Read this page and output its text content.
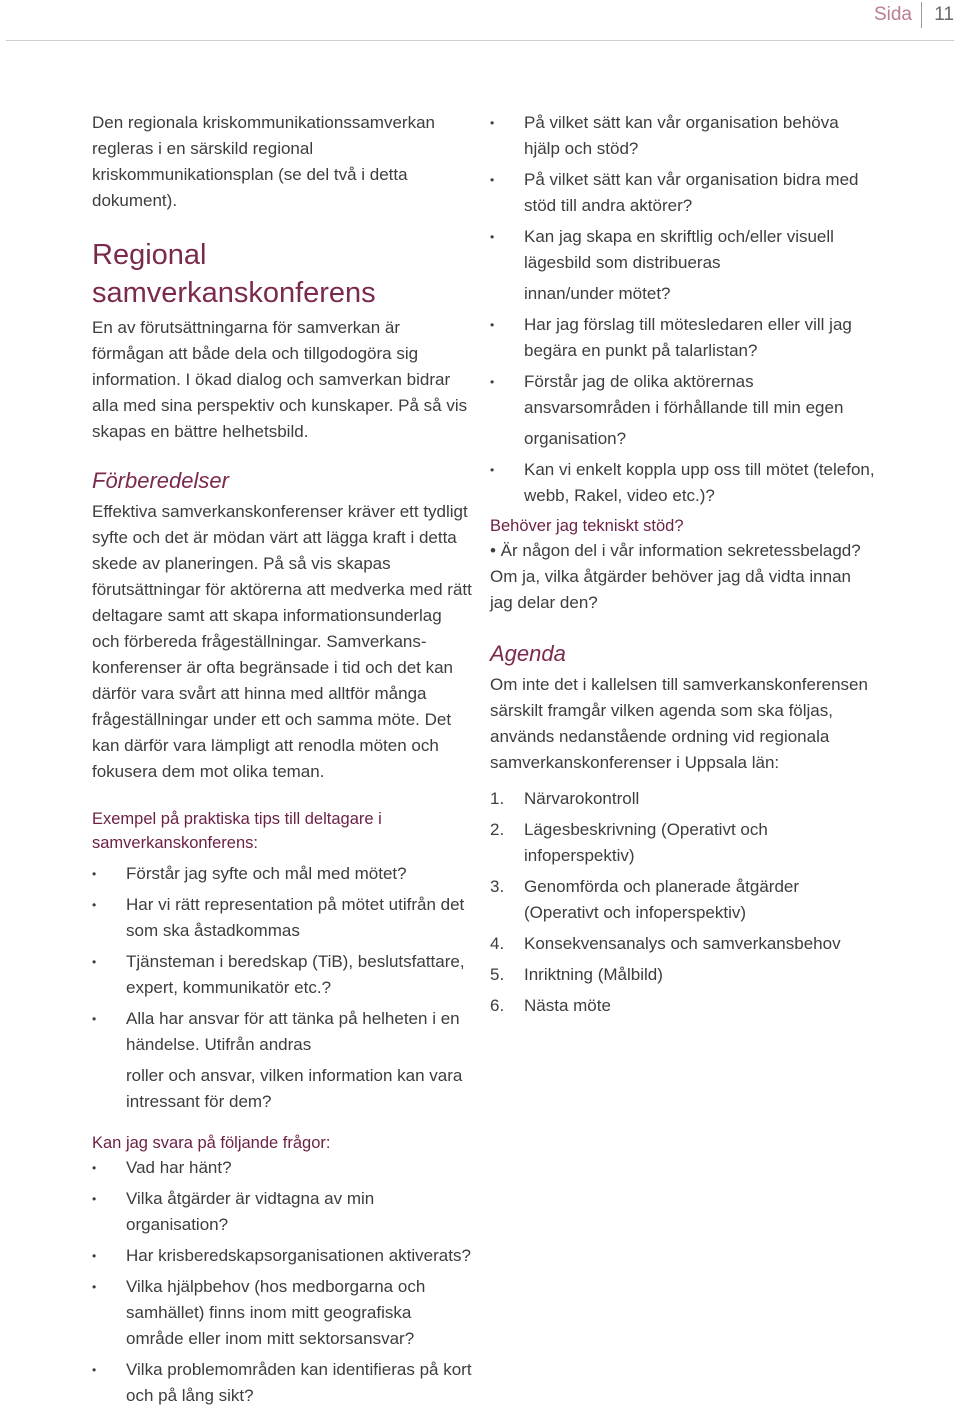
Sida 11

Den regionala kriskommunikationssamverkan regleras i en särskild regional kriskommunikationsplan (se del två i detta dokument).

Regional samverkanskonferens

En av förutsättningarna för samverkan är förmågan att både dela och tillgodogöra sig information. I ökad dialog och samverkan bidrar alla med sina perspektiv och kunskaper. På så vis skapas en bättre helhetsbild.

Förberedelser

Effektiva samverkanskonferenser kräver ett tydligt syfte och det är mödan värt att lägga kraft i detta skede av planeringen. På så vis skapas förutsättningar för aktörerna att medverka med rätt deltagare samt att skapa informationsunderlag och förbereda frågeställningar. Samverkans-konferenser är ofta begränsade i tid och det kan därför vara svårt att hinna med alltför många frågeställningar under ett och samma möte. Det kan därför vara lämpligt att renodla möten och fokusera dem mot olika teman.

Exempel på praktiska tips till deltagare i samverkanskonferens:
• Förstår jag syfte och mål med mötet?
• Har vi rätt representation på mötet utifrån det som ska åstadkommas
• Tjänsteman i beredskap (TiB), beslutsfattare, expert, kommunikatör etc.?
• Alla har ansvar för att tänka på helheten i en händelse. Utifrån andras
roller och ansvar, vilken information kan vara intressant för dem?
Kan jag svara på följande frågor:
• Vad har hänt?
• Vilka åtgärder är vidtagna av min organisation?
• Har krisberedskapsorganisationen aktiverats?
• Vilka hjälpbehov (hos medborgarna och samhället) finns inom mitt geografiska område eller inom mitt sektorsansvar?
• Vilka problemområden kan identifieras på kort och på lång sikt?
• På vilket sätt kan vår organisation behöva hjälp och stöd?
• På vilket sätt kan vår organisation bidra med stöd till andra aktörer?
• Kan jag skapa en skriftlig och/eller visuell lägesbild som distribueras
innan/under mötet?
• Har jag förslag till mötesledaren eller vill jag begära en punkt på talarlistan?
• Förstår jag de olika aktörernas ansvarsområden i förhållande till min egen
organisation?
• Kan vi enkelt koppla upp oss till mötet (telefon, webb, Rakel, video etc.)?
Behöver jag tekniskt stöd?

• Är någon del i vår information sekretessbelagd? Om ja, vilka åtgärder behöver jag då vidta innan jag delar den?

Agenda

Om inte det i kallelsen till samverkanskonferensen särskilt framgår vilken agenda som ska följas, används nedanstående ordning vid regionala samverkanskonferenser i Uppsala län:

1. Närvarokontroll
2. Lägesbeskrivning (Operativt och infoperspektiv)
3. Genomförda och planerade åtgärder (Operativt och infoperspektiv)
4. Konsekvensanalys och samverkansbehov
5. Inriktning (Målbild)
6. Nästa möte
